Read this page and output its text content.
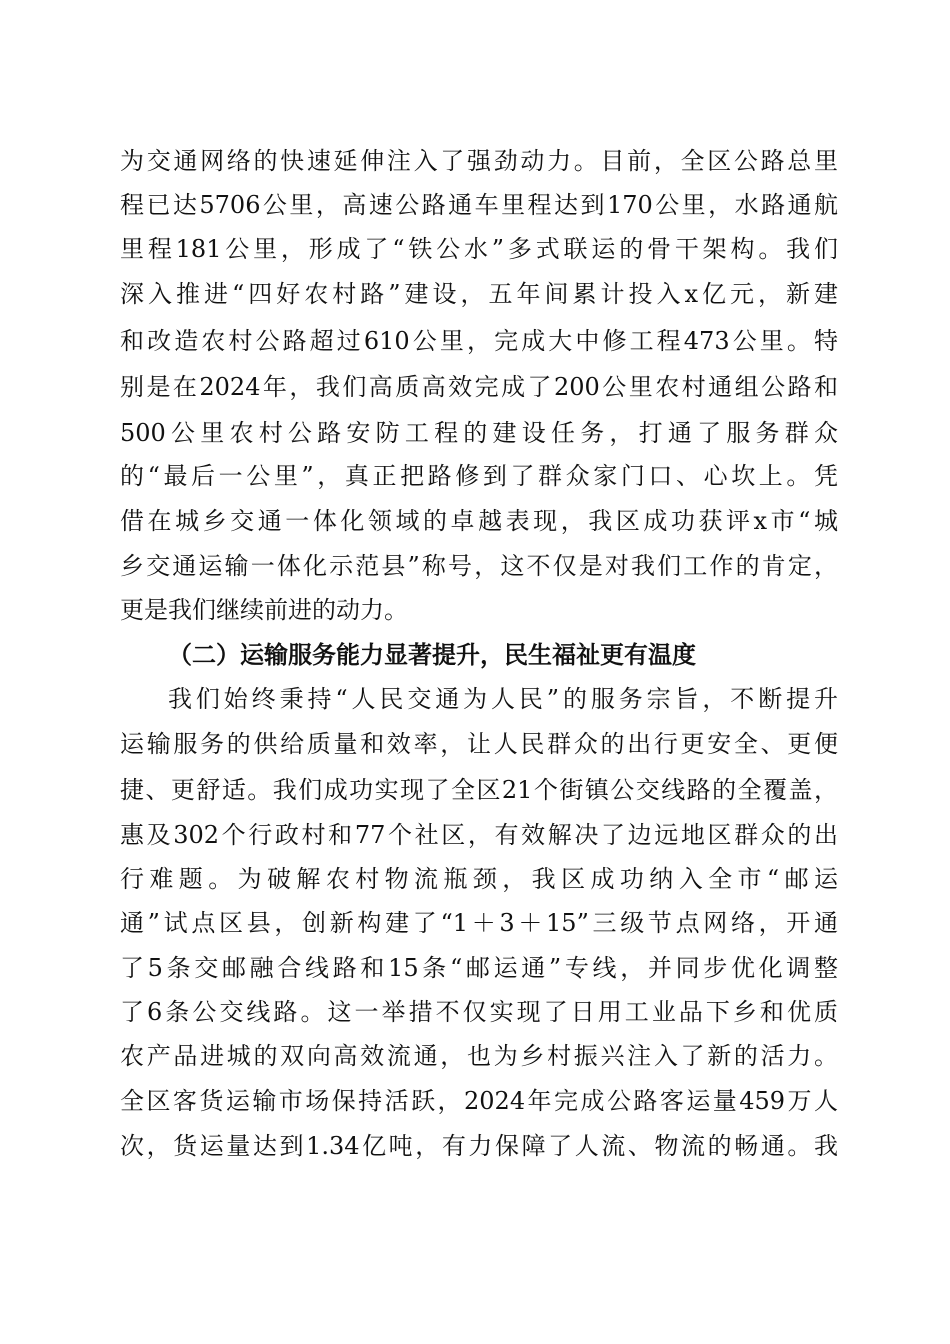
为交通网络的快速延伸注入了强劲动力。目前，全区公路总里
程已达5706公里，高速公路通车里程达到170公里，水路通航
里程181公里，形成了“铁公水”多式联运的骨干架构。我们
深入推进“四好农村路”建设，五年间累计投入x亿元，新建
和改造农村公路超过610公里，完成大中修工程473公里。特
别是在2024年，我们高质高效完成了200公里农村通组公路和
500公里农村公路安防工程的建设任务，打通了服务群众
的“最后一公里”，真正把路修到了群众家门口、心坎上。凭
借在城乡交通一体化领域的卓越表现，我区成功获评x市“城
乡交通运输一体化示范县”称号，这不仅是对我们工作的肯定，
更是我们继续前进的动力。
（二）运输服务能力显著提升，民生福祉更有温度
我们始终秉持“人民交通为人民”的服务宗旨，不断提升
运输服务的供给质量和效率，让人民群众的出行更安全、更便
捷、更舒适。我们成功实现了全区21个街镇公交线路的全覆盖，
惠及302个行政村和77个社区，有效解决了边远地区群众的出
行难题。为破解农村物流瓶颈，我区成功纳入全市“邮运
通”试点区县，创新构建了“1＋3＋15”三级节点网络，开通
了5条交邮融合线路和15条“邮运通”专线，并同步优化调整
了6条公交线路。这一举措不仅实现了日用工业品下乡和优质
农产品进城的双向高效流通，也为乡村振兴注入了新的活力。
全区客货运输市场保持活跃，2024年完成公路客运量459万人
次，货运量达到1.34亿吨，有力保障了人流、物流的畅通。我
